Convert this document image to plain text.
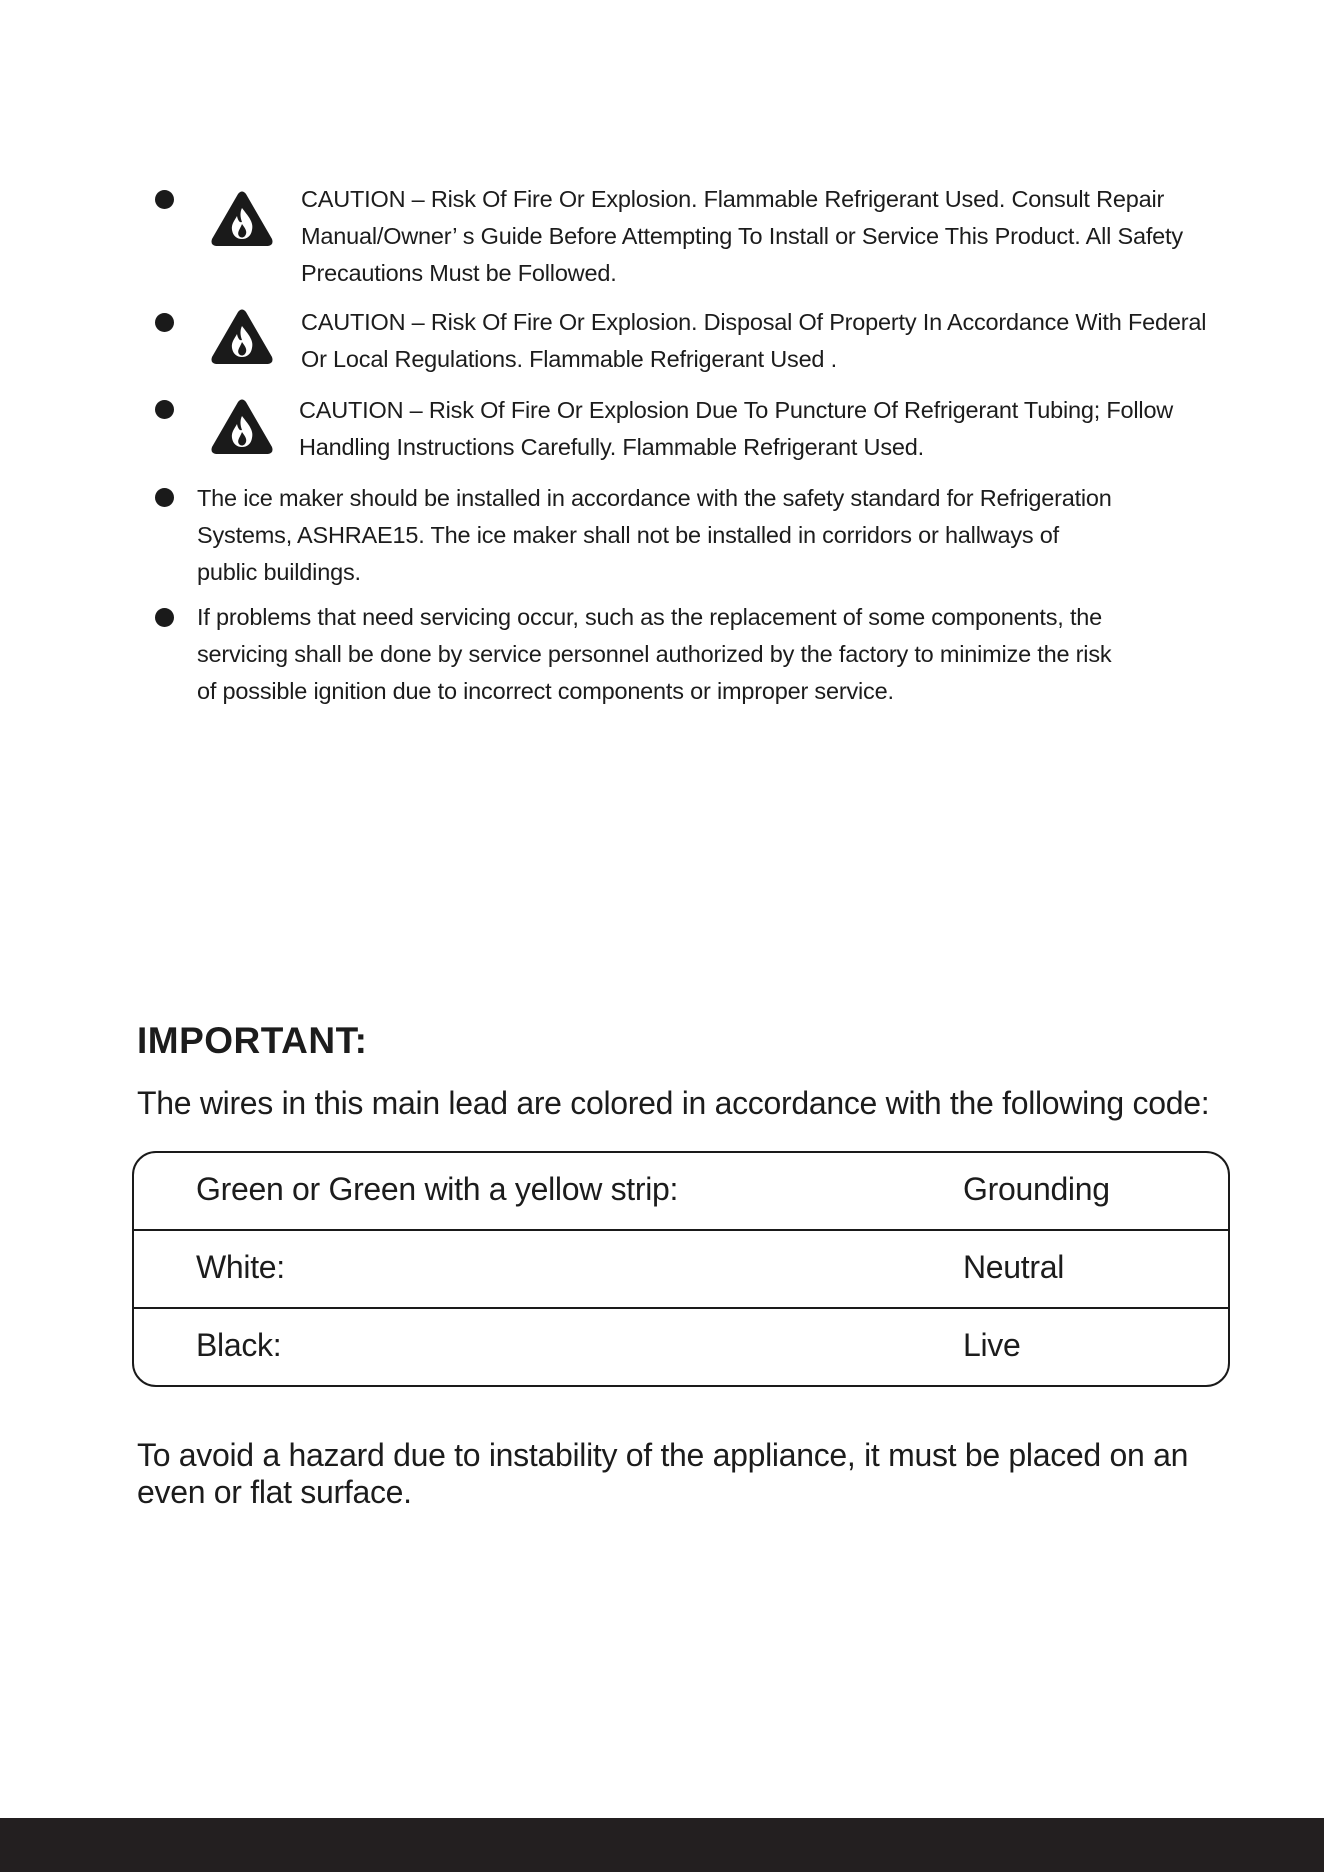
CAUTION – Risk Of Fire Or Explosion. Flammable Refrigerant Used. Consult Repair
Manual/Owner’ s Guide Before Attempting To Install or Service This Product. All Safety
Precautions Must be Followed.

CAUTION – Risk Of Fire Or Explosion. Disposal Of Property In Accordance With Federal
Or Local Regulations. Flammable Refrigerant Used .

CAUTION – Risk Of Fire Or Explosion Due To Puncture Of Refrigerant Tubing; Follow
Handling Instructions Carefully. Flammable Refrigerant Used.

The ice maker should be installed in accordance with the safety standard for Refrigeration
Systems, ASHRAE15. The ice maker shall not be installed in corridors or hallways of
public buildings.

If problems that need servicing occur, such as the replacement of some components, the
servicing shall be done by service personnel authorized by the factory to minimize the risk
of possible ignition due to incorrect components or improper service.

IMPORTANT:

The wires in this main lead are colored in accordance with the following code:

Green or Green with a yellow strip:	Grounding
White:	Neutral
Black:	Live

To avoid a hazard due to instability of the appliance, it must be placed on an
even or flat surface.
